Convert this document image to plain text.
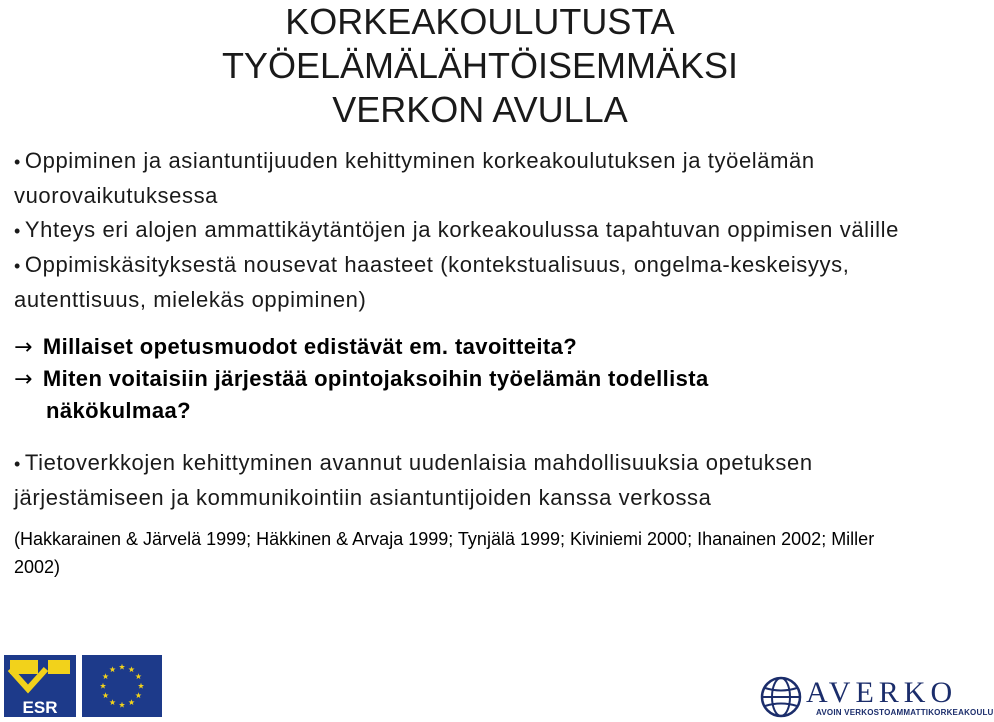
KORKEAKOULUTUSTA
TYÖELÄMÄLÄHTÖISEMMÄKSI
VERKON AVULLA

• Oppiminen ja asiantuntijuuden kehittyminen korkeakoulutuksen ja työelämän vuorovaikutuksessa

• Yhteys eri alojen ammattikäytäntöjen ja korkeakoulussa tapahtuvan oppimisen välille

• Oppimiskäsityksestä nousevat haasteet (kontekstualisuus, ongelma-keskeisyys, autenttisuus, mielekäs oppiminen)

→ Millaiset opetusmuodot edistävät em. tavoitteita?

→ Miten voitaisiin järjestää opintojaksoihin työelämän todellista

näkökulmaa?

• Tietoverkkojen kehittyminen avannut uudenlaisia mahdollisuuksia opetuksen järjestämiseen ja kommunikointiin asiantuntijoiden kanssa verkossa

(Hakkarainen & Järvelä 1999; Häkkinen & Arvaja 1999; Tynjälä 1999; Kiviniemi 2000; Ihanainen 2002; Miller 2002)

ESR	AVERKO
AVOIN VERKOSTOAMMATTIKORKEAKOULU
